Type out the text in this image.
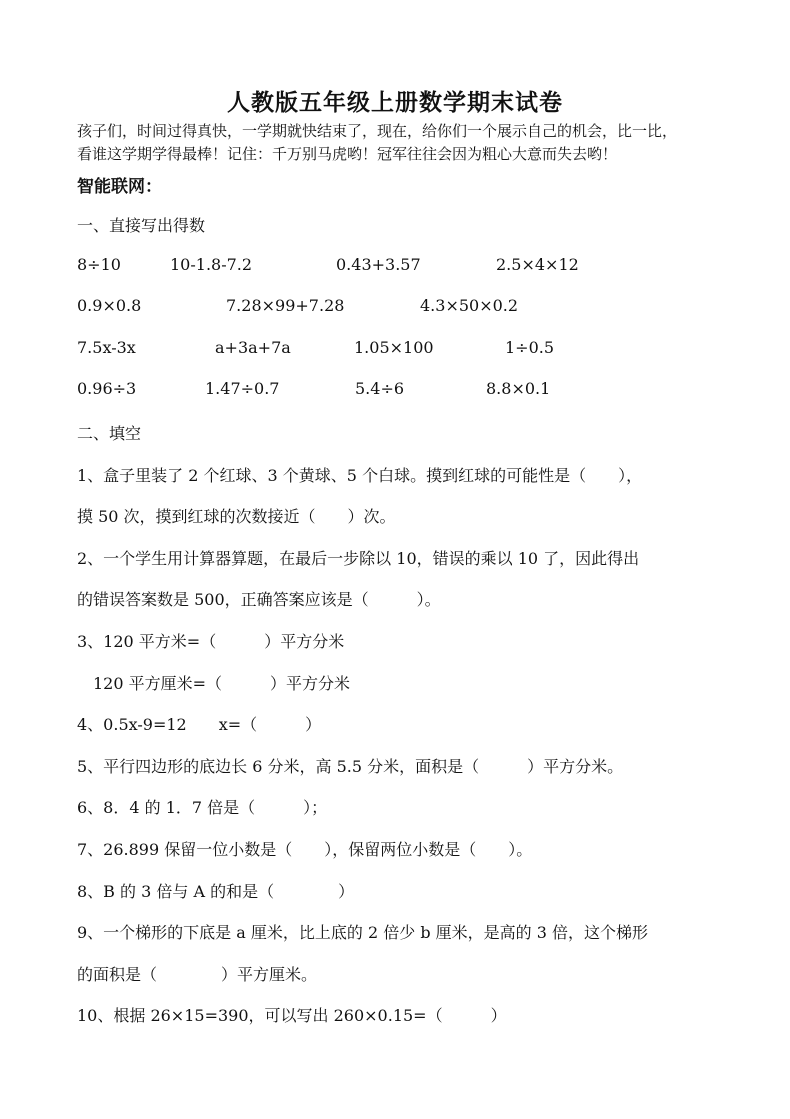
人教版五年级上册数学期末试卷
孩子们，时间过得真快，一学期就快结束了，现在，给你们一个展示自己的机会，比一比，
看谁这学期学得最棒！记住：千万别马虎哟！冠军往往会因为粗心大意而失去哟！
智能联网：
一、直接写出得数
8÷10	10-1.8-7.2	0.43+3.57	2.5×4×12
0.9×0.8	7.28×99+7.28	4.3×50×0.2
7.5x-3x	a+3a+7a	1.05×100	1÷0.5
0.96÷3	1.47÷0.7	5.4÷6	8.8×0.1
二、填空
1、盒子里装了 2 个红球、3 个黄球、5 个白球。摸到红球的可能性是（　　），
摸 50 次，摸到红球的次数接近（　　）次。
2、一个学生用计算器算题，在最后一步除以 10，错误的乘以 10 了，因此得出
的错误答案数是 500，正确答案应该是（　　　）。
3、120 平方米=（　　　）平方分米
　120 平方厘米=（　　　）平方分米
4、0.5x-9=12　　x=（　　　）
5、平行四边形的底边长 6 分米，高 5.5 分米，面积是（　　　）平方分米。
6、8．4 的 1．7 倍是（　　　）；
7、26.899 保留一位小数是（　　），保留两位小数是（　　）。
8、B 的 3 倍与 A 的和是（　　　　）
9、一个梯形的下底是 a 厘米，比上底的 2 倍少 b 厘米，是高的 3 倍，这个梯形
的面积是（　　　　）平方厘米。
10、根据 26×15=390，可以写出 260×0.15=（　　　）
